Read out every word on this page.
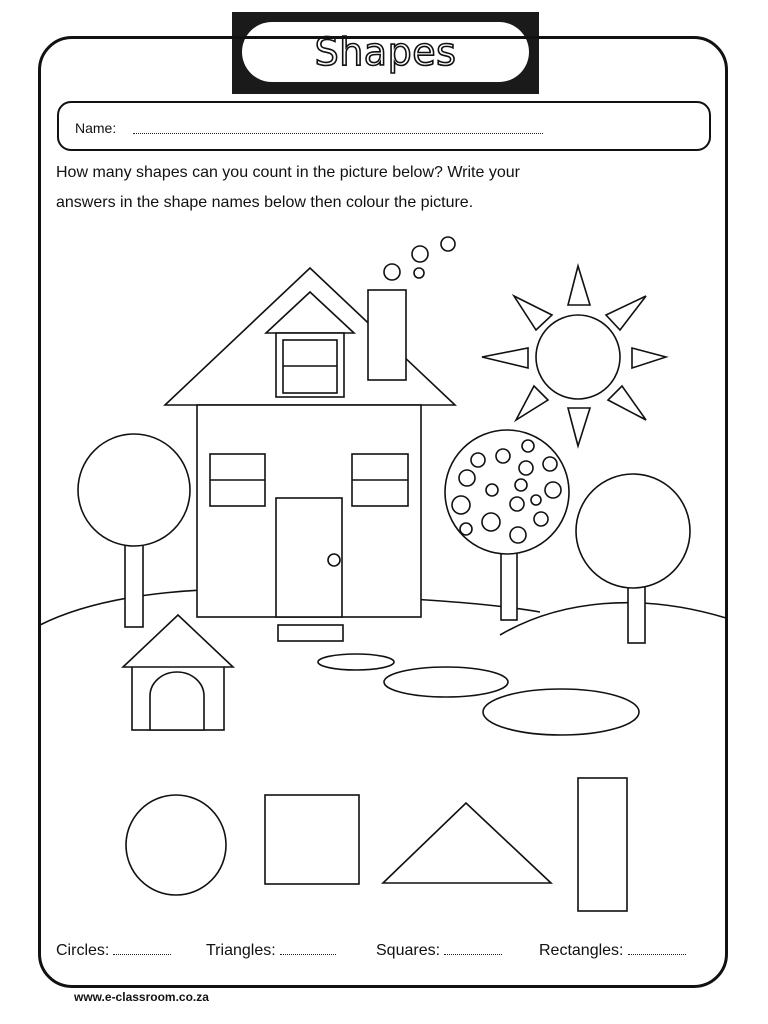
Shapes
Name:
How many shapes can you count in the picture below? Write your
answers in the shape names below then colour the picture.
Circles:	Triangles:	Squares:	Rectangles:
www.e-classroom.co.za
